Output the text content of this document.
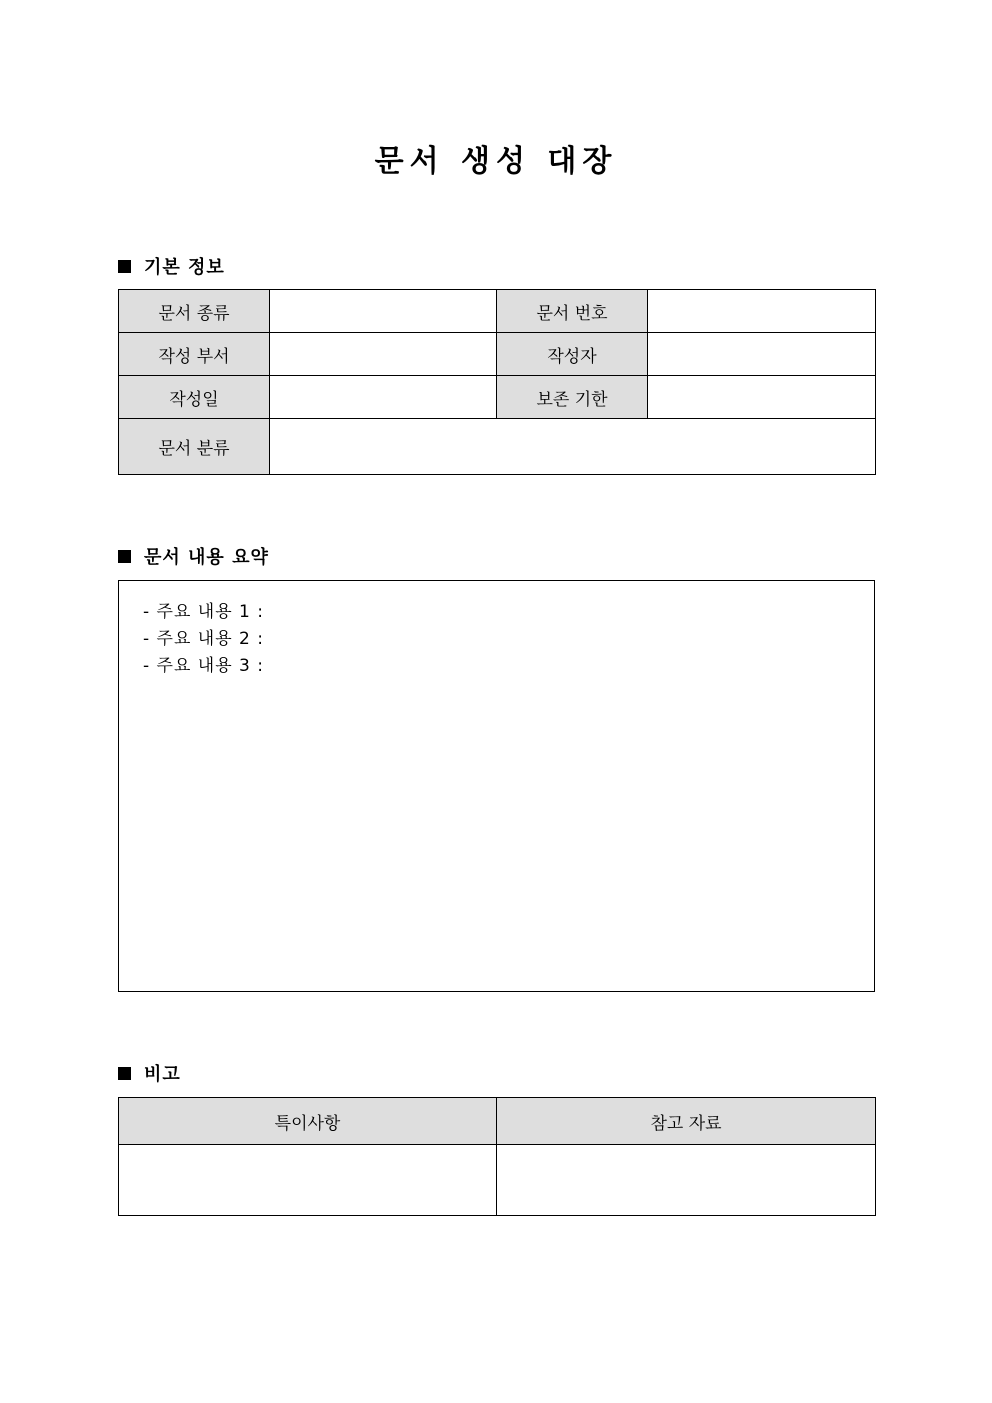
문서 생성 대장
기본 정보
문서 종류		문서 번호	
작성 부서		작성자	
작성일		보존 기한	
문서 분류			
문서 내용 요약
- 주요 내용 1 :
- 주요 내용 2 :
- 주요 내용 3 :
비고
특이사항	참고 자료
